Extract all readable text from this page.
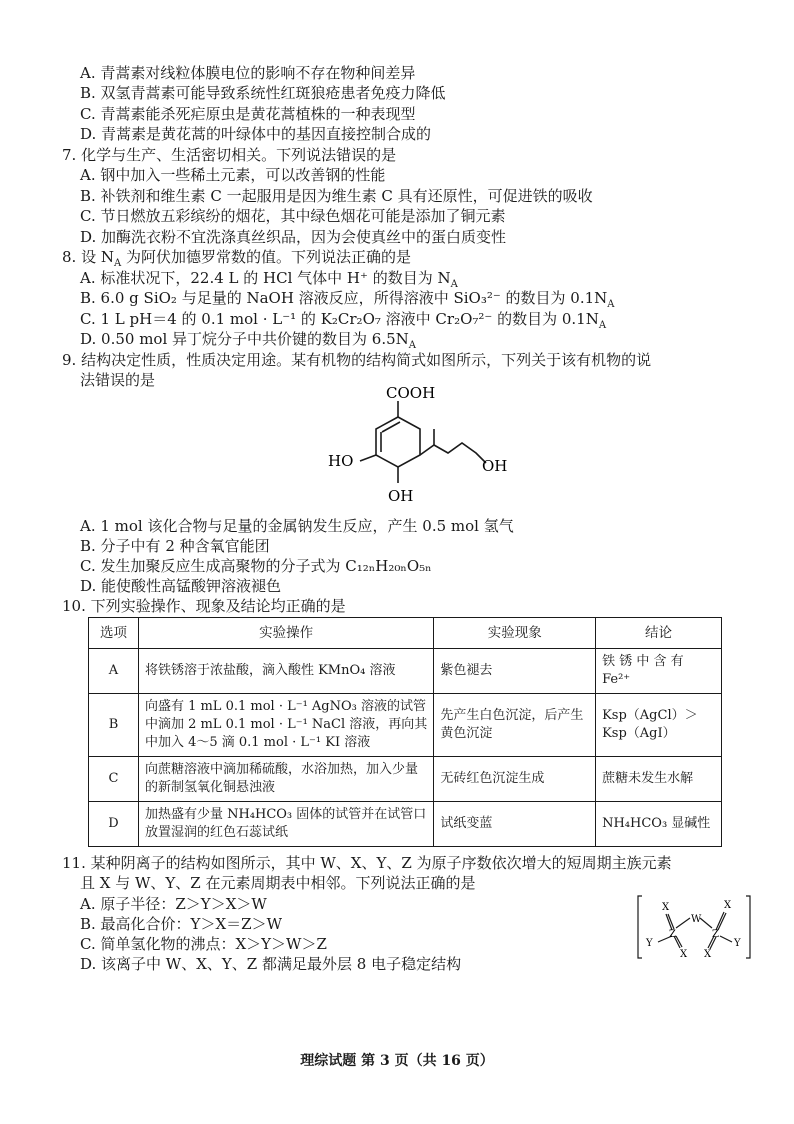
A. 青蒿素对线粒体膜电位的影响不存在物种间差异
B. 双氢青蒿素可能导致系统性红斑狼疮患者免疫力降低
C. 青蒿素能杀死疟原虫是黄花蒿植株的一种表现型
D. 青蒿素是黄花蒿的叶绿体中的基因直接控制合成的
7. 化学与生产、生活密切相关。下列说法错误的是
A. 钢中加入一些稀土元素，可以改善钢的性能
B. 补铁剂和维生素 C 一起服用是因为维生素 C 具有还原性，可促进铁的吸收
C. 节日燃放五彩缤纷的烟花，其中绿色烟花可能是添加了铜元素
D. 加酶洗衣粉不宜洗涤真丝织品，因为会使真丝中的蛋白质变性
8. 设 $N_A$ 为阿伏加德罗常数的值。下列说法正确的是
A. 标准状况下，22.4 L 的 HCl 气体中 H⁺ 的数目为 $N_A$
B. 6.0 g SiO₂ 与足量的 NaOH 溶液反应，所得溶液中 SiO₃²⁻ 的数目为 $0.1N_A$
C. 1 L pH＝4 的 0.1 mol · L⁻¹ 的 K₂Cr₂O₇ 溶液中 Cr₂O₇²⁻ 的数目为 $0.1N_A$
D. 0.50 mol 异丁烷分子中共价键的数目为 $6.5N_A$
9. 结构决定性质，性质决定用途。某有机物的结构简式如图所示，下列关于该有机物的说
法错误的是
COOH
HO
OH
OH
A. 1 mol 该化合物与足量的金属钠发生反应，产生 0.5 mol 氢气
B. 分子中有 2 种含氧官能团
C. 发生加聚反应生成高聚物的分子式为 C₁₂ₙH₂₀ₙO₅ₙ
D. 能使酸性高锰酸钾溶液褪色
10. 下列实验操作、现象及结论均正确的是
选项	实验操作	实验现象	结论
A	将铁锈溶于浓盐酸，滴入酸性 KMnO₄ 溶液	紫色褪去	铁 锈 中 含 有 Fe²⁺
B	向盛有 1 mL 0.1 mol · L⁻¹ AgNO₃ 溶液的试管中滴加 2 mL 0.1 mol · L⁻¹ NaCl 溶液，再向其中加入 4～5 滴 0.1 mol · L⁻¹ KI 溶液	先产生白色沉淀，后产生黄色沉淀	Ksp（AgCl）＞ Ksp（AgI）
C	向蔗糖溶液中滴加稀硫酸，水浴加热，加入少量的新制氢氧化铜悬浊液	无砖红色沉淀生成	蔗糖未发生水解
D	加热盛有少量 NH₄HCO₃ 固体的试管并在试管口放置湿润的红色石蕊试纸	试纸变蓝	NH₄HCO₃ 显碱性
11. 某种阴离子的结构如图所示，其中 W、X、Y、Z 为原子序数依次增大的短周期主族元素
且 X 与 W、Y、Z 在元素周期表中相邻。下列说法正确的是
A. 原子半径：Z＞Y＞X＞W
B. 最高化合价：Y＞X＝Z＞W
C. 简单氢化物的沸点：X＞Y＞W＞Z
D. 该离子中 W、X、Y、Z 都满足最外层 8 电子稳定结构
X
Z
W
Z
X
Y
X
Y
X
理综试题 第 3 页（共 16 页）
